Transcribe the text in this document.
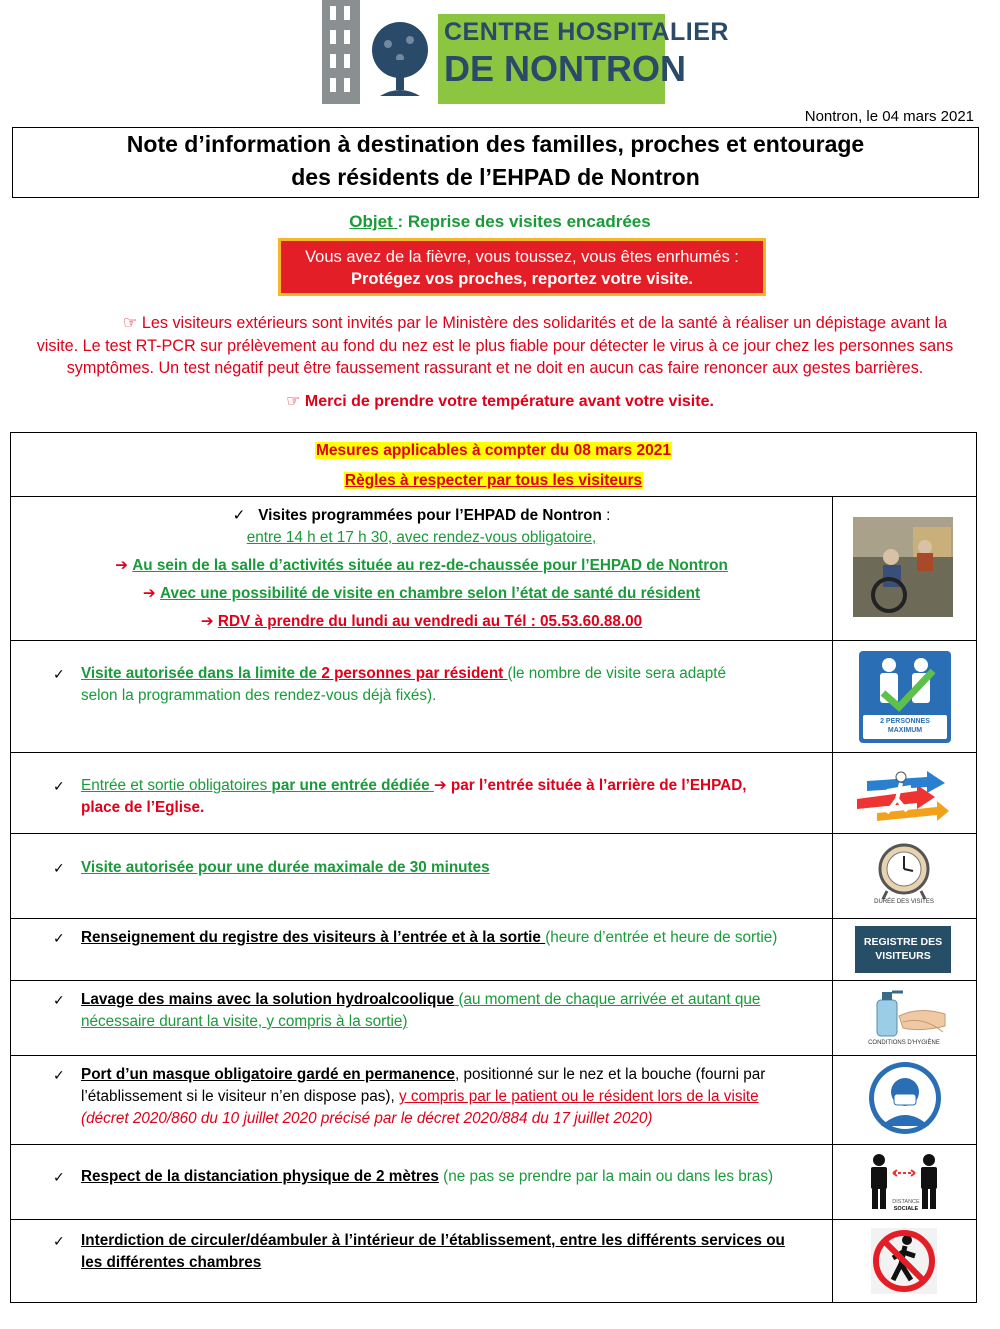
CENTRE HOSPITALIER
DE NONTRON
Nontron, le 04 mars 2021
Note d’information à destination des familles, proches et entourage
des résidents de l’EHPAD de Nontron
Objet : Reprise des visites encadrées
Vous avez de la fièvre, vous toussez, vous êtes enrhumés :
Protégez vos proches, reportez votre visite.
☞ Les visiteurs extérieurs sont invités par le Ministère des solidarités et de la santé à réaliser un dépistage avant la
visite. Le test RT-PCR sur prélèvement au fond du nez est le plus fiable pour détecter le virus à ce jour chez les personnes sans
symptômes. Un test négatif peut être faussement rassurant et ne doit en aucun cas faire renoncer aux gestes barrières.
☞ Merci de prendre votre température avant votre visite.
Mesures applicables à compter du 08 mars 2021
Règles à respecter par tous les visiteurs
✓ Visites programmées pour l’EHPAD de Nontron :
entre 14 h et 17 h 30, avec rendez-vous obligatoire,
➔ Au sein de la salle d’activités située au rez-de-chaussée pour l’EHPAD de Nontron
➔ Avec une possibilité de visite en chambre selon l’état de santé du résident
➔ RDV à prendre du lundi au vendredi au Tél : 05.53.60.88.00
✓ Visite autorisée dans la limite de 2 personnes par résident (le nombre de visite sera adapté
selon la programmation des rendez-vous déjà fixés).
2 PERSONNES
MAXIMUM
✓ Entrée et sortie obligatoires par une entrée dédiée ➔ par l’entrée située à l’arrière de l’EHPAD,
place de l’Eglise.
✓ Visite autorisée pour une durée maximale de 30 minutes
DURÉE DES VISITES
✓ Renseignement du registre des visiteurs à l’entrée et à la sortie (heure d’entrée et heure de sortie)	REGISTRE DES
VISITEURS
✓ Lavage des mains avec la solution hydroalcoolique (au moment de chaque arrivée et autant que
nécessaire durant la visite, y compris à la sortie)
CONDITIONS D'HYGIÈNE
✓ Port d’un masque obligatoire gardé en permanence, positionné sur le nez et la bouche (fourni par
l’établissement si le visiteur n’en dispose pas), y compris par le patient ou le résident lors de la visite
(décret 2020/860 du 10 juillet 2020 précisé par le décret 2020/884 du 17 juillet 2020)
✓ Respect de la distanciation physique de 2 mètres (ne pas se prendre par la main ou dans les bras)
DISTANCE
SOCIALE
✓ Interdiction de circuler/déambuler à l’intérieur de l’établissement, entre les différents services ou
les différentes chambres
